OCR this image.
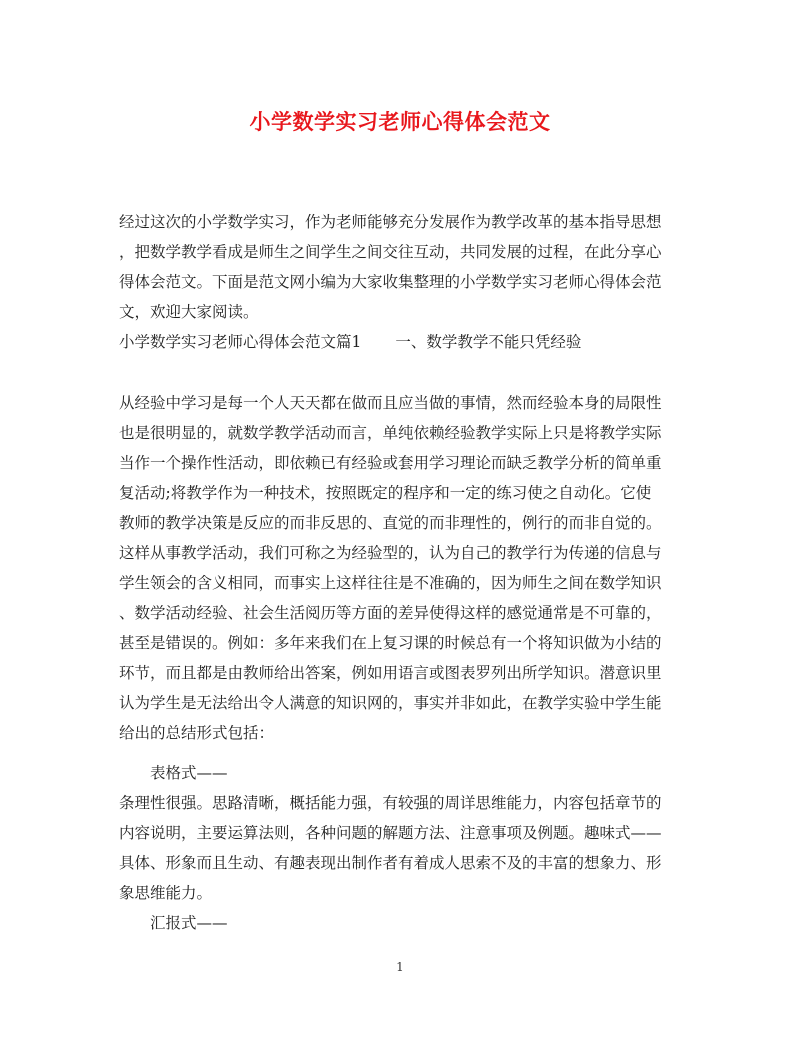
小学数学实习老师心得体会范文
经过这次的小学数学实习，作为老师能够充分发展作为教学改革的基本指导思想
，把数学教学看成是师生之间学生之间交往互动，共同发展的过程，在此分享心
得体会范文。下面是范文网小编为大家收集整理的小学数学实习老师心得体会范
文，欢迎大家阅读。
小学数学实习老师心得体会范文篇1 一、数学教学不能只凭经验
从经验中学习是每一个人天天都在做而且应当做的事情，然而经验本身的局限性
也是很明显的，就数学教学活动而言，单纯依赖经验教学实际上只是将教学实际
当作一个操作性活动，即依赖已有经验或套用学习理论而缺乏教学分析的简单重
复活动;将教学作为一种技术，按照既定的程序和一定的练习使之自动化。它使
教师的教学决策是反应的而非反思的、直觉的而非理性的，例行的而非自觉的。
这样从事教学活动，我们可称之为经验型的，认为自己的教学行为传递的信息与
学生领会的含义相同，而事实上这样往往是不准确的，因为师生之间在数学知识
、数学活动经验、社会生活阅历等方面的差异使得这样的感觉通常是不可靠的，
甚至是错误的。例如：多年来我们在上复习课的时候总有一个将知识做为小结的
环节，而且都是由教师给出答案，例如用语言或图表罗列出所学知识。潜意识里
认为学生是无法给出令人满意的知识网的，事实并非如此，在教学实验中学生能
给出的总结形式包括：
表格式——
条理性很强。思路清晰，概括能力强，有较强的周详思维能力，内容包括章节的
内容说明，主要运算法则，各种问题的解题方法、注意事项及例题。趣味式——
具体、形象而且生动、有趣表现出制作者有着成人思索不及的丰富的想象力、形
象思维能力。
汇报式——
1
